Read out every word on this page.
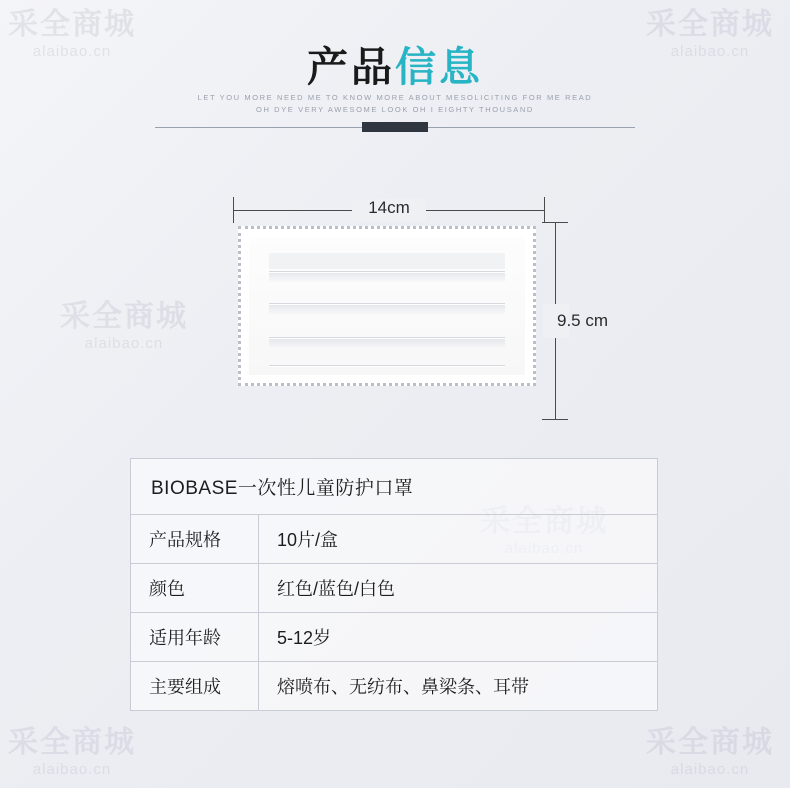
采全商城
alaibao.cn
采全商城
alaibao.cn
采全商城
alaibao.cn
采全商城
alaibao.cn
采全商城
alaibao.cn
产品信息
LET YOU MORE NEED ME TO KNOW MORE ABOUT MESOLICITING FOR ME READ
OH DYE VERY AWESOME LOOK OH I EIGHTY THOUSAND
14cm
9.5 cm
BIOBASE一次性儿童防护口罩
产品规格	10片/盒
颜色	红色/蓝色/白色
适用年龄	5-12岁
主要组成	熔喷布、无纺布、鼻梁条、耳带
